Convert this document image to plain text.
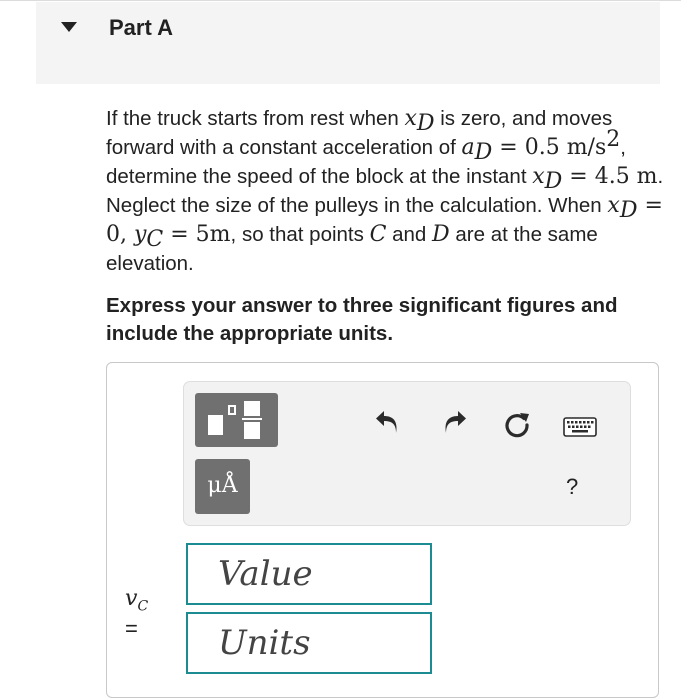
Part A
If the truck starts from rest when $x_D$ is zero, and moves forward with a constant acceleration of $a_D = 0.5$ $m/s^2$, determine the speed of the block at the instant $x_D = 4.5$ m. Neglect the size of the pulleys in the calculation. When $x_D = 0$, $y_C = 5m$, so that points C and D are at the same elevation.
Express your answer to three significant figures and include the appropriate units.
μÅ	?
$v_C$
=
Value
Units
